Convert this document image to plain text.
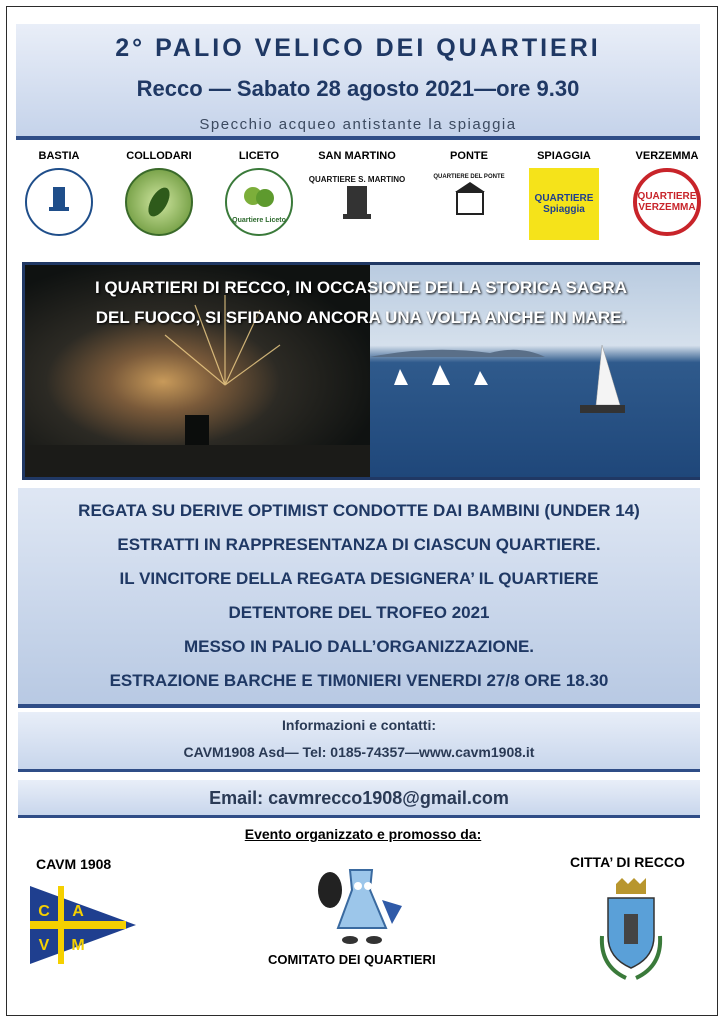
2° PALIO VELICO DEI QUARTIERI
Recco — Sabato 28 agosto 2021—ore 9.30
Specchio acqueo antistante la spiaggia
BASTIA	COLLODARI	LICETO
Quartiere Liceto
SAN MARTINO
QUARTIERE S. MARTINO
PONTE
QUARTIERE DEL PONTE
SPIAGGIA
QUARTIERE Spiaggia
VERZEMMA
QUARTIERE VERZEMMA
I QUARTIERI DI RECCO, IN OCCASIONE DELLA STORICA SAGRA
DEL FUOCO, SI SFIDANO ANCORA UNA VOLTA ANCHE IN MARE.
REGATA SU DERIVE OPTIMIST CONDOTTE DAI BAMBINI (UNDER 14)
ESTRATTI IN RAPPRESENTANZA DI CIASCUN QUARTIERE.
IL VINCITORE DELLA REGATA DESIGNERA’ IL QUARTIERE
DETENTORE DEL TROFEO 2021
MESSO IN PALIO DALL’ORGANIZZAZIONE.
ESTRAZIONE BARCHE E TIM0NIERI VENERDI 27/8 ORE 18.30
Informazioni e contatti:
CAVM1908 Asd— Tel: 0185-74357—www.cavm1908.it
Email: cavmrecco1908@gmail.com
Evento organizzato e promosso da:
CAVM 1908
C A
V M
COMITATO DEI QUARTIERI
CITTA’ DI RECCO
